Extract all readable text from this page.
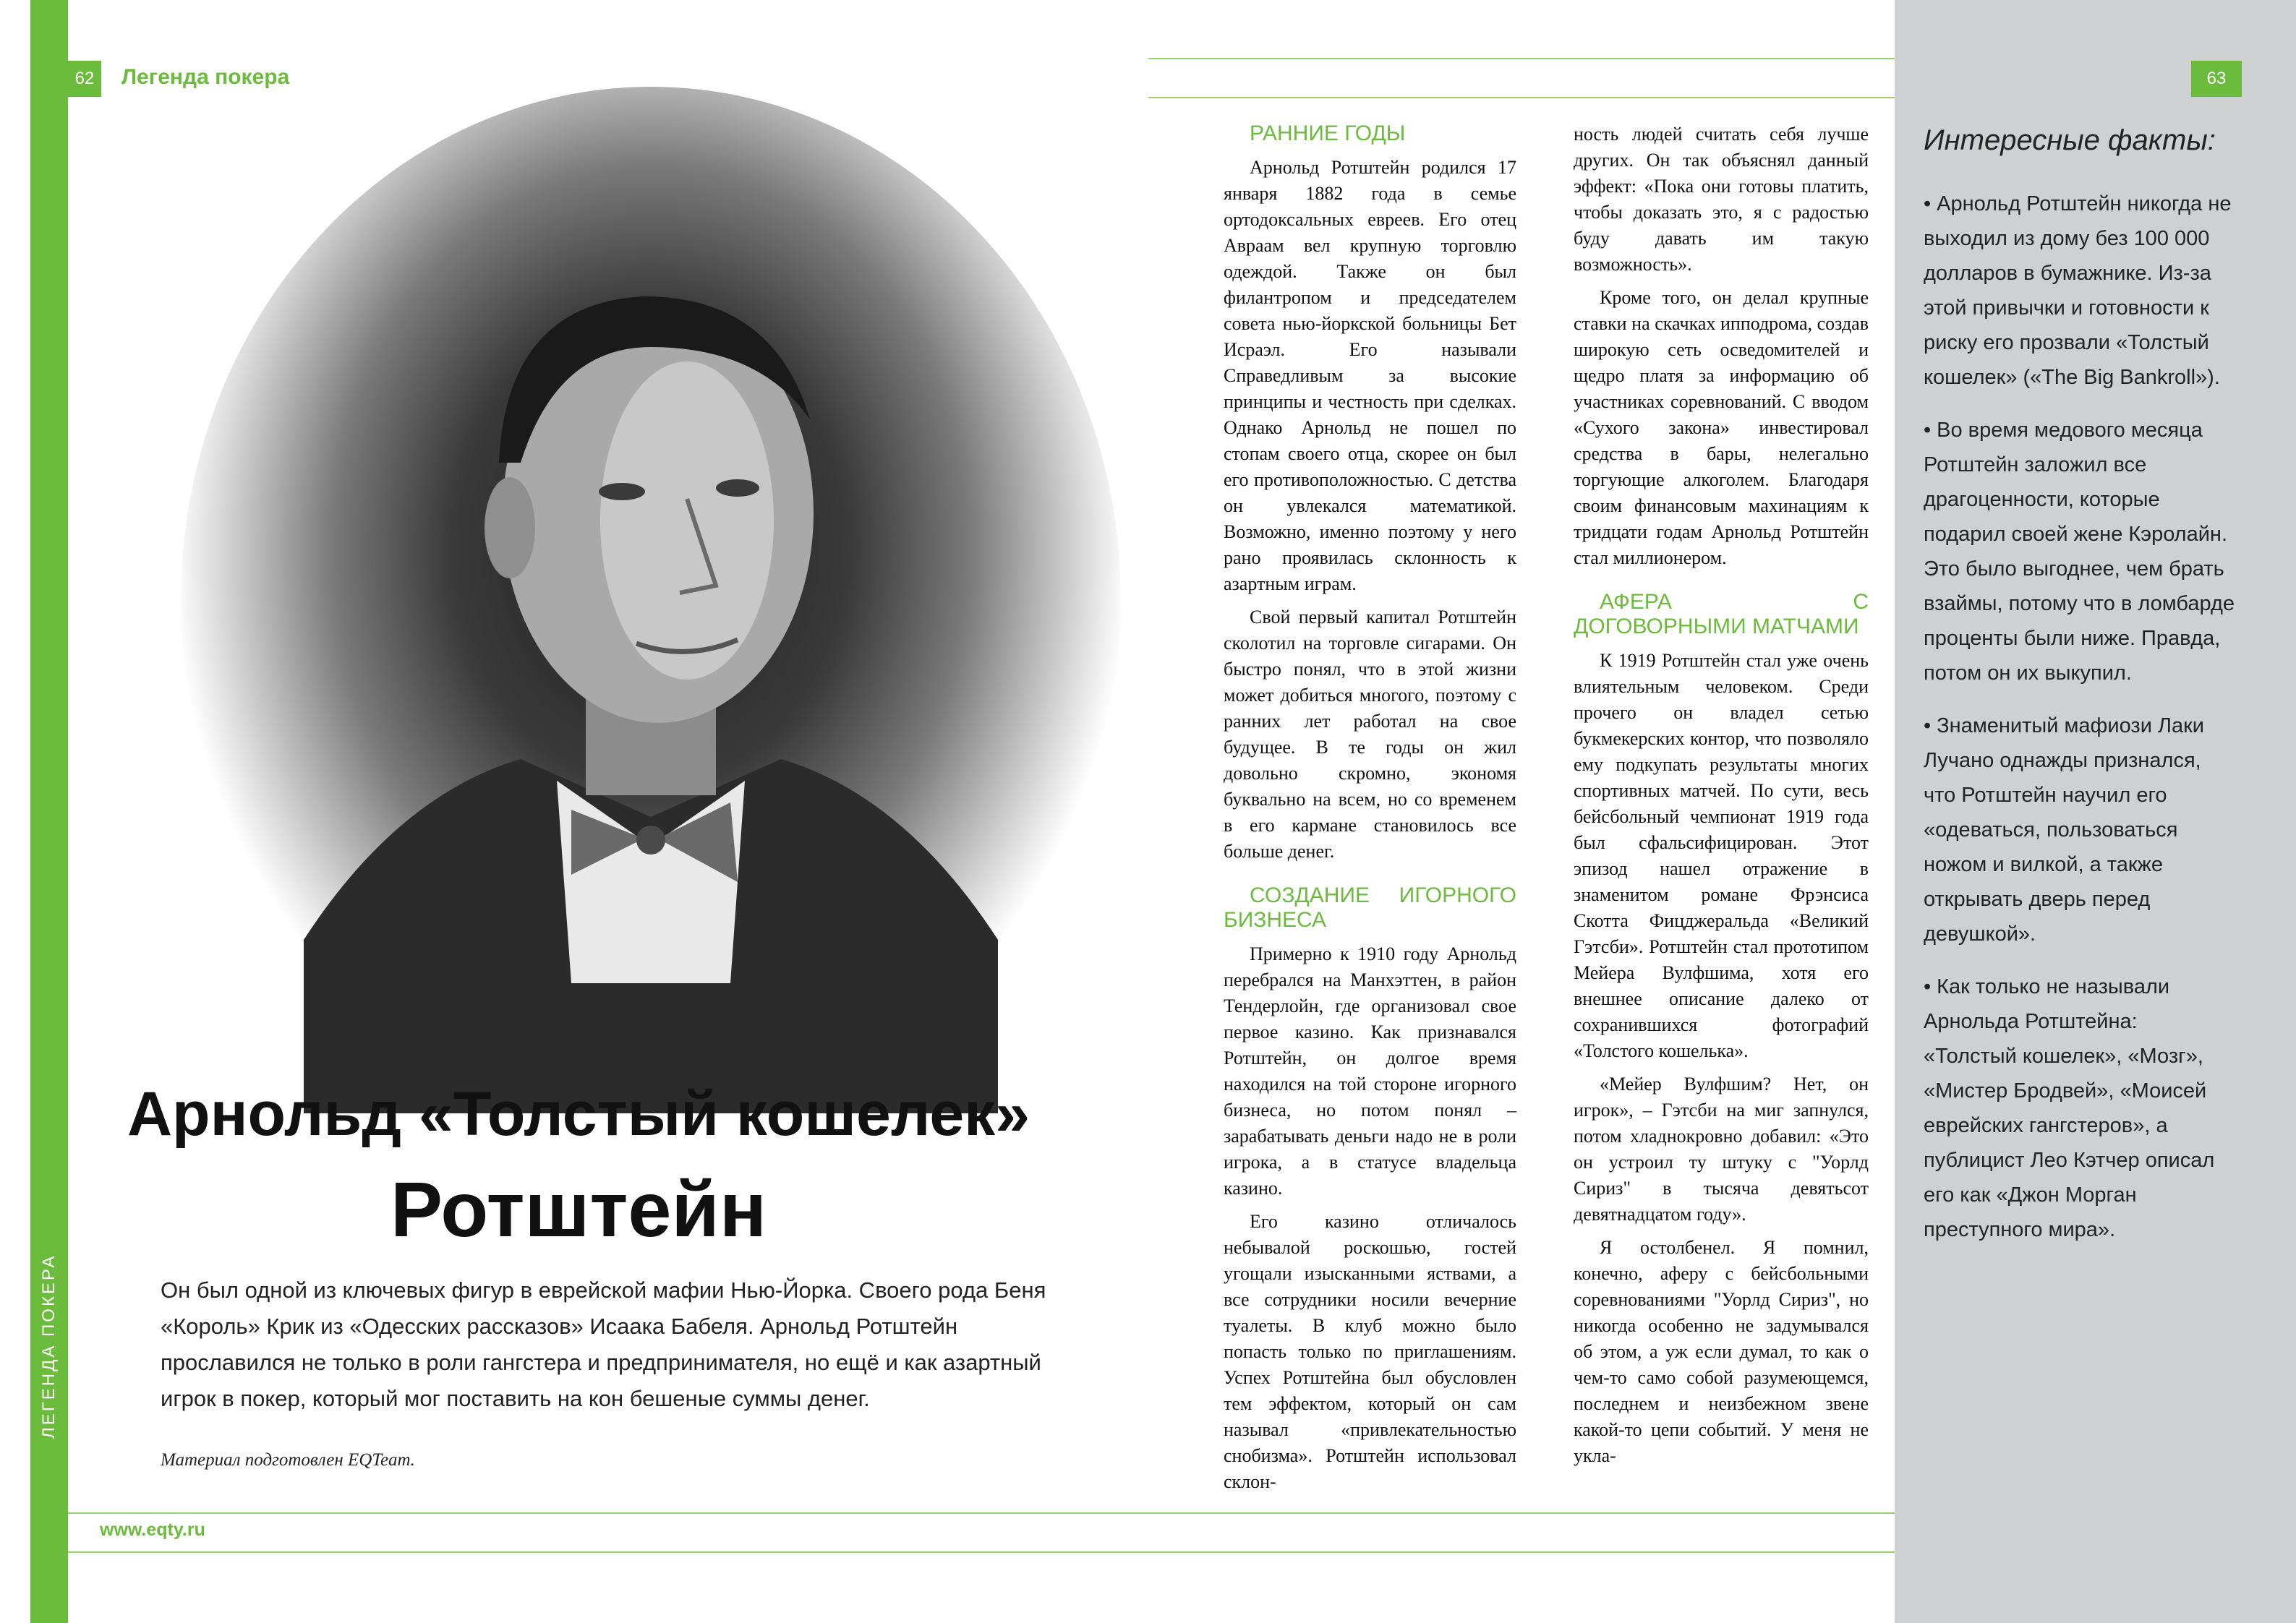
ЛЕГЕНДА ПОКЕРА
62	Легенда покера
Арнольд «Толстый кошелек»
Ротштейн
Он был одной из ключевых фигур в еврейской мафии Нью-Йорка. Своего рода Беня «Король» Крик из «Одесских рассказов» Исаака Бабеля. Арнольд Ротштейн прославился не только в роли гангстера и предпринимателя, но ещё и как азартный игрок в покер, который мог поставить на кон бешеные суммы денег.
Материал подготовлен EQTeam.
www.eqty.ru
РАННИЕ ГОДЫ

Арнольд Ротштейн родился 17 января 1882 года в семье ортодоксальных евреев. Его отец Авраам вел крупную торговлю одеждой. Также он был филантропом и председателем совета нью-йоркской больницы Бет Исраэл. Его называли Справедливым за высокие принципы и честность при сделках. Однако Арнольд не пошел по стопам своего отца, скорее он был его противоположностью. С детства он увлекался математикой. Возможно, именно поэтому у него рано проявилась склонность к азартным играм.

Свой первый капитал Ротштейн сколотил на торговле сигарами. Он быстро понял, что в этой жизни может добиться многого, поэтому с ранних лет работал на свое будущее. В те годы он жил довольно скромно, экономя буквально на всем, но со временем в его кармане становилось все больше денег.

СОЗДАНИЕ ИГОРНОГО БИЗНЕСА

Примерно к 1910 году Арнольд перебрался на Манхэттен, в район Тендерлойн, где организовал свое первое казино. Как признавался Ротштейн, он долгое время находился на той стороне игорного бизнеса, но потом понял – зарабатывать деньги надо не в роли игрока, а в статусе владельца казино.

Его казино отличалось небывалой роскошью, гостей угощали изысканными яствами, а все сотрудники носили вечерние туалеты. В клуб можно было попасть только по приглашениям. Успех Ротштейна был обусловлен тем эффектом, который он сам называл «привлекательностью снобизма». Ротштейн использовал склон-

ность людей считать себя лучше других. Он так объяснял данный эффект: «Пока они готовы платить, чтобы доказать это, я с радостью буду давать им такую возможность».

Кроме того, он делал крупные ставки на скачках ипподрома, создав широкую сеть осведомителей и щедро платя за информацию об участниках соревнований. С вводом «Сухого закона» инвестировал средства в бары, нелегально торгующие алкоголем. Благодаря своим финансовым махинациям к тридцати годам Арнольд Ротштейн стал миллионером.

АФЕРА С ДОГОВОРНЫМИ МАТЧАМИ

К 1919 Ротштейн стал уже очень влиятельным человеком. Среди прочего он владел сетью букмекерских контор, что позволяло ему подкупать результаты многих спортивных матчей. По сути, весь бейсбольный чемпионат 1919 года был сфальсифицирован. Этот эпизод нашел отражение в знаменитом романе Фрэнсиса Скотта Фицджеральда «Великий Гэтсби». Ротштейн стал прототипом Мейера Вулфшима, хотя его внешнее описание далеко от сохранившихся фотографий «Толстого кошелька».

«Мейер Вулфшим? Нет, он игрок», – Гэтсби на миг запнулся, потом хладнокровно добавил: «Это он устроил ту штуку с "Уорлд Сириз" в тысяча девятьсот девятнадцатом году».

Я остолбенел. Я помнил, конечно, аферу с бейсбольными соревнованиями "Уорлд Сириз", но никогда особенно не задумывался об этом, а уж если думал, то как о чем-то само собой разумеющемся, последнем и неизбежном звене какой-то цепи событий. У меня не укла-

63
Интересные факты:
• Арнольд Ротштейн никогда не выходил из дому без 100 000 долларов в бумажнике. Из-за этой привычки и готовности к риску его прозвали «Толстый кошелек» («The Big Bankroll»).
• Во время медового месяца Ротштейн заложил все драгоценности, которые подарил своей жене Кэролайн. Это было выгоднее, чем брать взаймы, потому что в ломбарде проценты были ниже. Правда, потом он их выкупил.
• Знаменитый мафиози Лаки Лучано однажды признался, что Ротштейн научил его «одеваться, пользоваться ножом и вилкой, а также открывать дверь перед девушкой».
• Как только не называли Арнольда Ротштейна: «Толстый кошелек», «Мозг», «Мистер Бродвей», «Моисей еврейских гангстеров», а публицист Лео Кэтчер описал его как «Джон Морган преступного мира».
